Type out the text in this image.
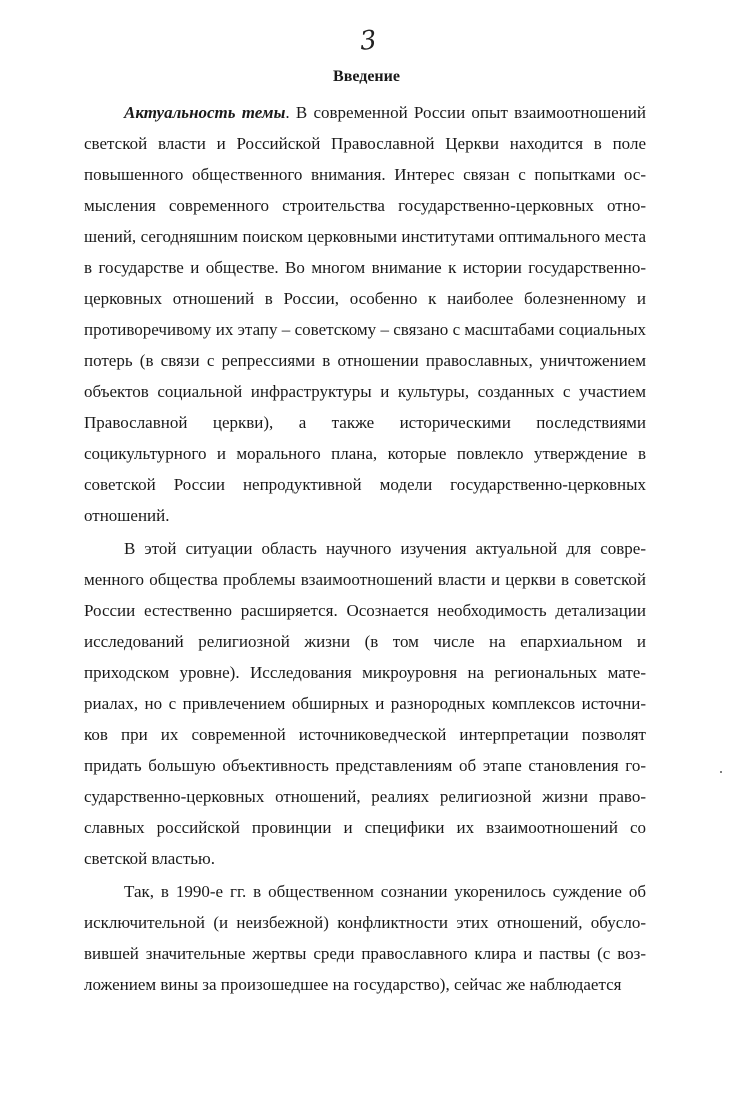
3
Введение

Актуальность темы. В современной России опыт взаимоотношений светской власти и Российской Православной Церкви находится в поле повышенного общественного внимания. Интерес связан с попытками осмысления современного строительства государственно-церковных отношений, сегодняшним поиском церковными институтами оптимального места в государстве и обществе. Во многом внимание к истории государственно-церковных отношений в России, особенно к наиболее болезненному и противоречивому их этапу – советскому – связано с масштабами социальных потерь (в связи с репрессиями в отношении православных, уничтожением объектов социальной инфраструктуры и культуры, созданных с участием Православной церкви), а также историческими последствиями социкультурного и морального плана, которые повлекло утверждение в советской России непродуктивной модели государственно-церковных отношений.

В этой ситуации область научного изучения актуальной для современного общества проблемы взаимоотношений власти и церкви в советской России естественно расширяется. Осознается необходимость детализации исследований религиозной жизни (в том числе на епархиальном и приходском уровне). Исследования микроуровня на региональных материалах, но с привлечением обширных и разнородных комплексов источников при их современной источниковедческой интерпретации позволят придать большую объективность представлениям об этапе становления государственно-церковных отношений, реалиях религиозной жизни православных российской провинции и специфики их взаимоотношений со светской властью.

Так, в 1990-е гг. в общественном сознании укоренилось суждение об исключительной (и неизбежной) конфликтности этих отношений, обусловившей значительные жертвы среди православного клира и паствы (с возложением вины за произошедшее на государство), сейчас же наблюдается
